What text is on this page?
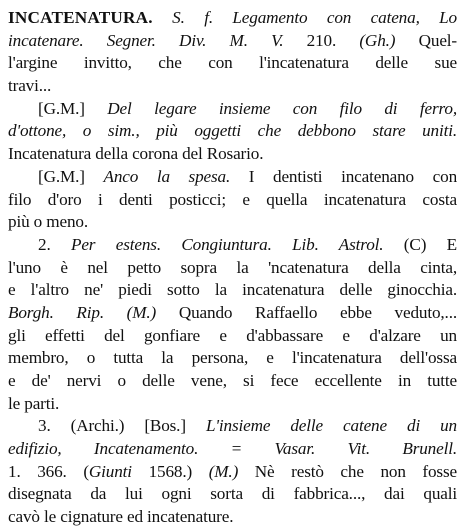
INCATENATURA. S. f. Legamento con catena, Lo
incatenare. Segner. Div. M. V. 210. (Gh.) Quel-
l'argine invitto, che con l'incatenatura delle sue
travi...
[G.M.] Del legare insieme con filo di ferro,
d'ottone, o sim., più oggetti che debbono stare uniti.
Incatenatura della corona del Rosario.
[G.M.] Anco la spesa. I dentisti incatenano con
filo d'oro i denti posticci; e quella incatenatura costa
più o meno.
2. Per estens. Congiuntura. Lib. Astrol. (C) E
l'uno è nel petto sopra la 'ncatenatura della cinta,
e l'altro ne' piedi sotto la incatenatura delle ginocchia.
Borgh. Rip. (M.) Quando Raffaello ebbe veduto,...
gli effetti del gonfiare e d'abbassare e d'alzare un
membro, o tutta la persona, e l'incatenatura dell'ossa
e de' nervi o delle vene, si fece eccellente in tutte
le parti.
3. (Archi.) [Bos.] L'insieme delle catene di un
edifizio, Incatenamento. = Vasar. Vit. Brunell.
1. 366. (Giunti 1568.) (M.) Nè restò che non fosse
disegnata da lui ogni sorta di fabbrica..., dai quali
cavò le cignature ed incatenature.
